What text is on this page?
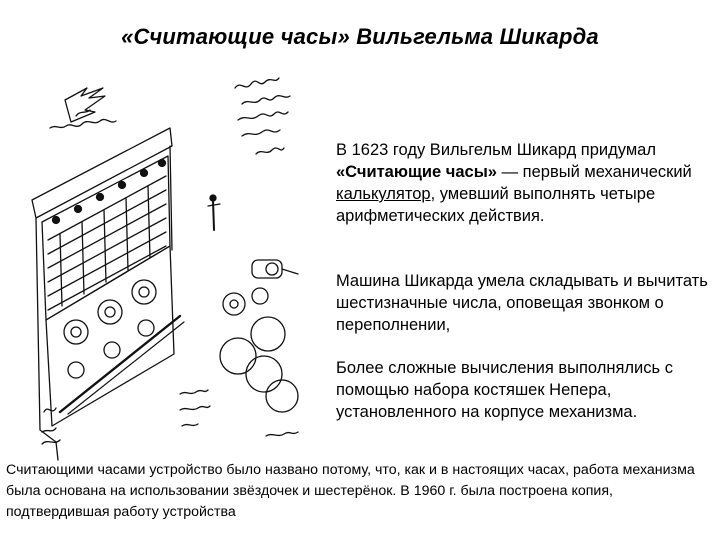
«Считающие часы» Вильгельма Шикарда
В 1623 году Вильгельм Шикард придумал «Считающие часы» — первый механический калькулятор, умевший выполнять четыре арифметических действия.
Машина Шикарда умела складывать и вычитать шестизначные числа, оповещая звонком о переполнении,
Более сложные вычисления выполнялись с помощью набора костяшек Непера, установленного на корпусе механизма.
Считающими часами устройство было названо потому, что, как и в настоящих часах, работа механизма была основана на использовании звёздочек и шестерёнок. В 1960 г. была построена копия, подтвердившая работу устройства
